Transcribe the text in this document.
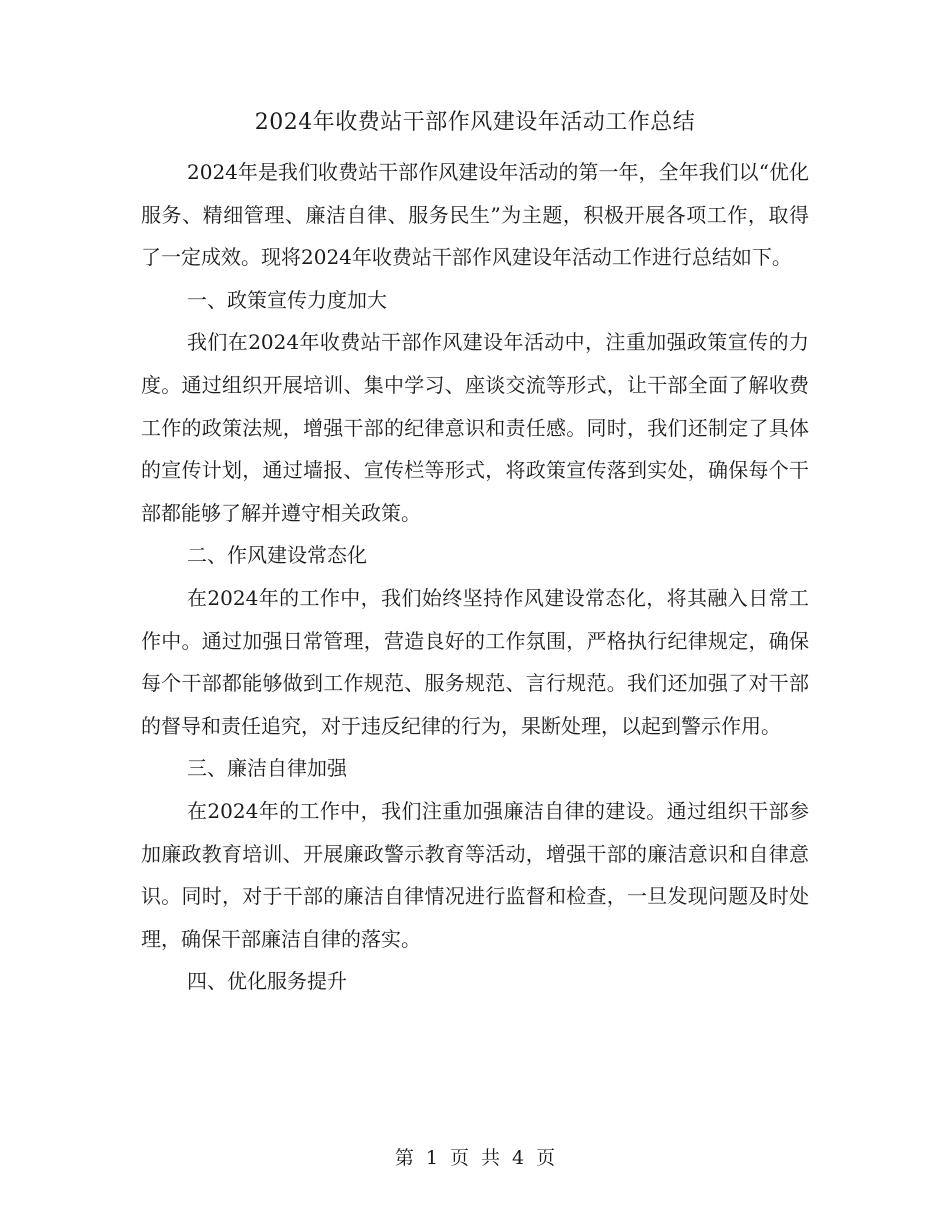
2024年收费站干部作风建设年活动工作总结

2024年是我们收费站干部作风建设年活动的第一年，全年我们以“优化服务、精细管理、廉洁自律、服务民生”为主题，积极开展各项工作，取得了一定成效。现将2024年收费站干部作风建设年活动工作进行总结如下。

一、政策宣传力度加大

我们在2024年收费站干部作风建设年活动中，注重加强政策宣传的力度。通过组织开展培训、集中学习、座谈交流等形式，让干部全面了解收费工作的政策法规，增强干部的纪律意识和责任感。同时，我们还制定了具体的宣传计划，通过墙报、宣传栏等形式，将政策宣传落到实处，确保每个干部都能够了解并遵守相关政策。

二、作风建设常态化

在2024年的工作中，我们始终坚持作风建设常态化，将其融入日常工作中。通过加强日常管理，营造良好的工作氛围，严格执行纪律规定，确保每个干部都能够做到工作规范、服务规范、言行规范。我们还加强了对干部的督导和责任追究，对于违反纪律的行为，果断处理，以起到警示作用。

三、廉洁自律加强

在2024年的工作中，我们注重加强廉洁自律的建设。通过组织干部参加廉政教育培训、开展廉政警示教育等活动，增强干部的廉洁意识和自律意识。同时，对于干部的廉洁自律情况进行监督和检查，一旦发现问题及时处理，确保干部廉洁自律的落实。

四、优化服务提升

第 1 页 共 4 页
